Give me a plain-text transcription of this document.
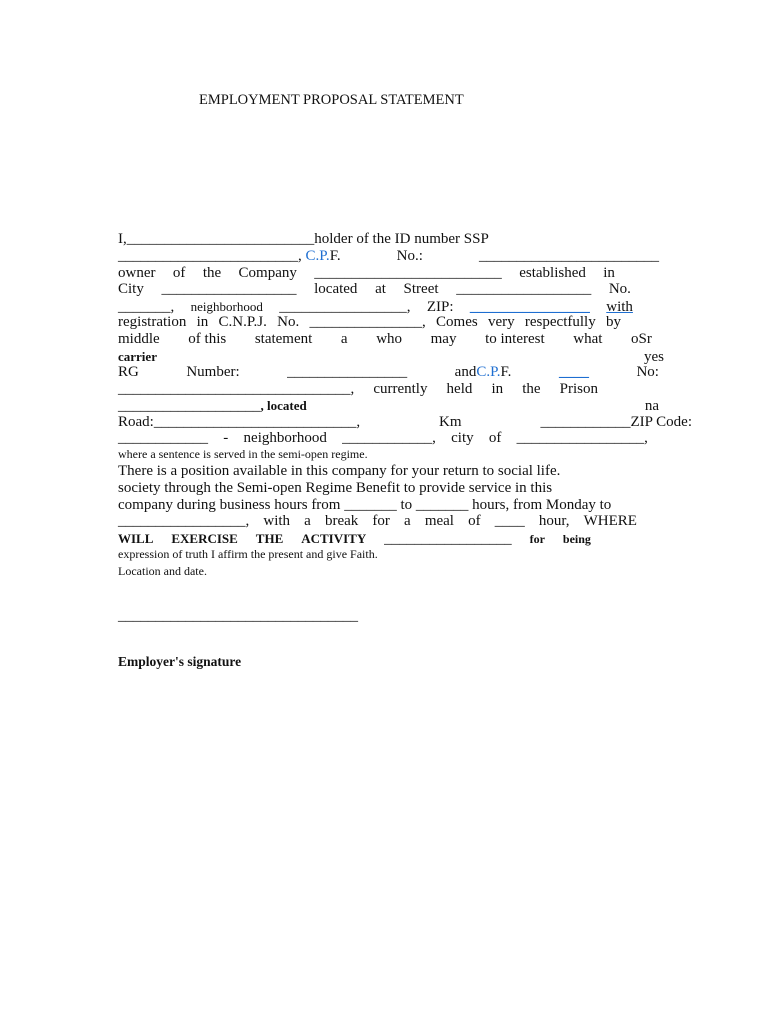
EMPLOYMENT PROPOSAL STATEMENT
I,_________________________holder of the ID number SSP
________________________, C.P.F.	No.:	________________________
owner of the Company _________________________ established in
City __________________ located at Street __________________ No.
_______, neighborhood _________________, ZIP: ________________ with
registration in C.N.P.J. No. _______________, Comes very respectfully by
middle of this statement a who may to interest what oSr
carrier	yes
RG	Number:	________________	andC.P.F.	____	No:
_______________________________, currently held in the Prison
___________________, located	na
Road:___________________________,	Km	____________ZIP Code:
____________ - neighborhood ____________, city of _________________,
where a sentence is served in the semi-open regime.
There is a position available in this company for your return to social life.
society through the Semi-open Regime Benefit to provide service in this
company during business hours from _______ to _______ hours, from Monday to
_________________, with a break for a meal of ____ hour, WHERE
WILL EXERCISE THE ACTIVITY _________________ for being
expression of truth I affirm the present and give Faith.
Location and date.
________________________________
Employer's signature
